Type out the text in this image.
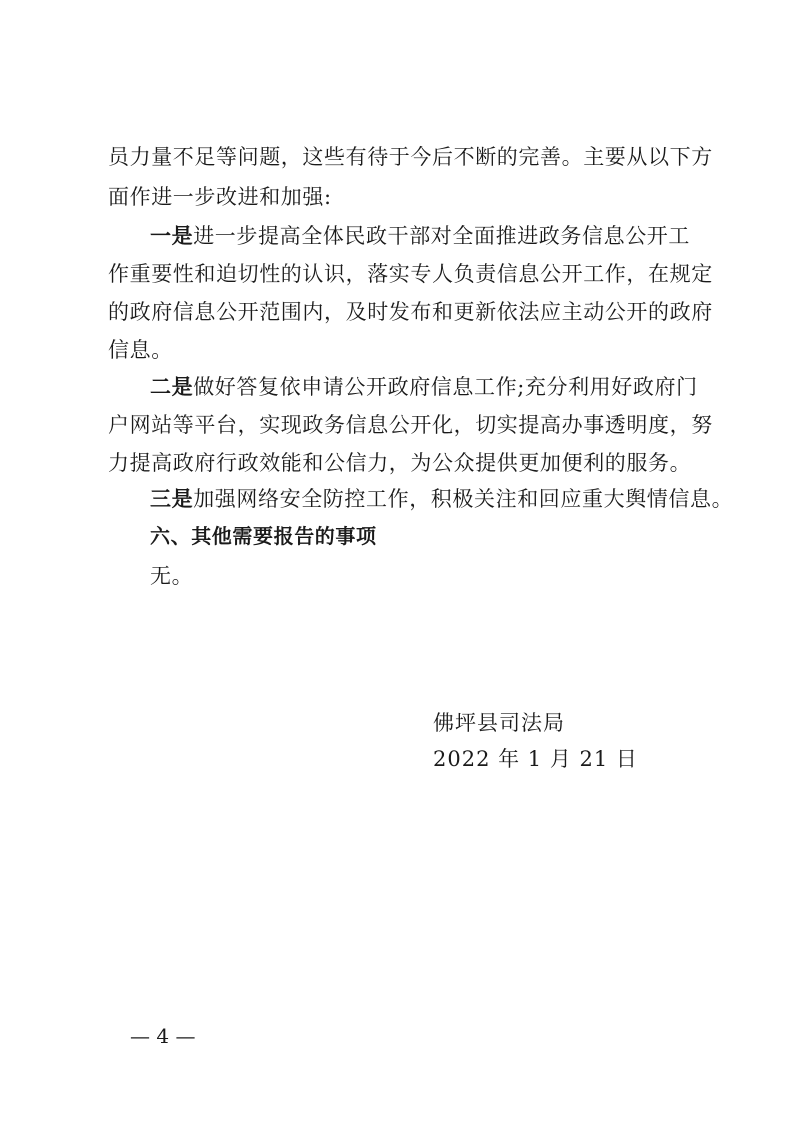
员力量不足等问题，这些有待于今后不断的完善。主要从以下方
面作进一步改进和加强:
一是进一步提高全体民政干部对全面推进政务信息公开工
作重要性和迫切性的认识，落实专人负责信息公开工作，在规定
的政府信息公开范围内，及时发布和更新依法应主动公开的政府
信息。
二是做好答复依申请公开政府信息工作;充分利用好政府门
户网站等平台，实现政务信息公开化，切实提高办事透明度，努
力提高政府行政效能和公信力，为公众提供更加便利的服务。
三是加强网络安全防控工作，积极关注和回应重大舆情信息。
六、其他需要报告的事项
无。
佛坪县司法局
2022 年 1 月 21 日
— 4 —
